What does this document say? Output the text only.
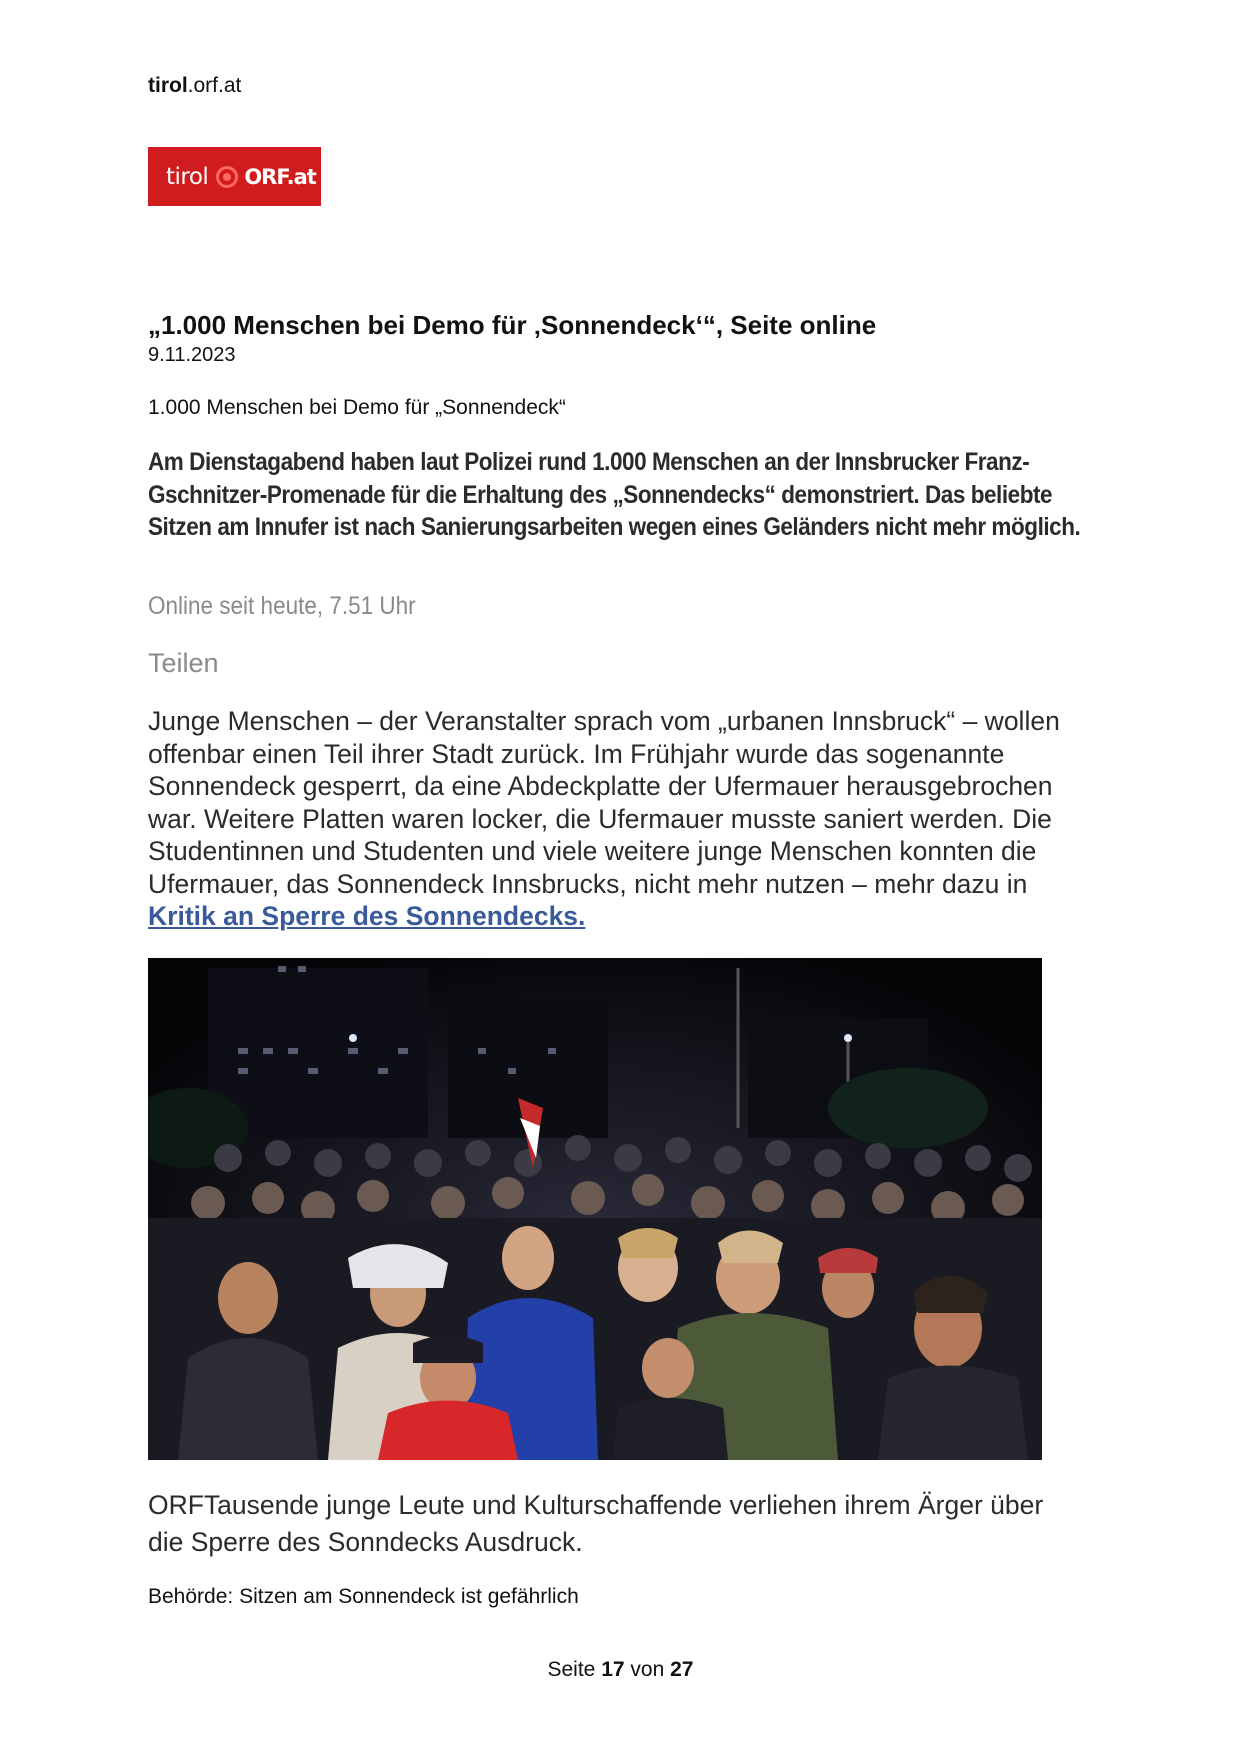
tirol.orf.at
tirol ORF.at
„1.000 Menschen bei Demo für ‚Sonnendeck‘“, Seite online
9.11.2023
1.000 Menschen bei Demo für „Sonnendeck“
Am Dienstagabend haben laut Polizei rund 1.000 Menschen an der Innsbrucker Franz-Gschnitzer-Promenade für die Erhaltung des „Sonnendecks“ demonstriert. Das beliebte Sitzen am Innufer ist nach Sanierungsarbeiten wegen eines Geländers nicht mehr möglich.
Online seit heute, 7.51 Uhr
Teilen
Junge Menschen – der Veranstalter sprach vom „urbanen Innsbruck“ – wollen offenbar einen Teil ihrer Stadt zurück. Im Frühjahr wurde das sogenannte Sonnendeck gesperrt, da eine Abdeckplatte der Ufermauer herausgebrochen war. Weitere Platten waren locker, die Ufermauer musste saniert werden. Die Studentinnen und Studenten und viele weitere junge Menschen konnten die Ufermauer, das Sonnendeck Innsbrucks, nicht mehr nutzen – mehr dazu in Kritik an Sperre des Sonnendecks.
ORFTausende junge Leute und Kulturschaffende verliehen ihrem Ärger über die Sperre des Sonndecks Ausdruck.
Behörde: Sitzen am Sonnendeck ist gefährlich
Seite 17 von 27
